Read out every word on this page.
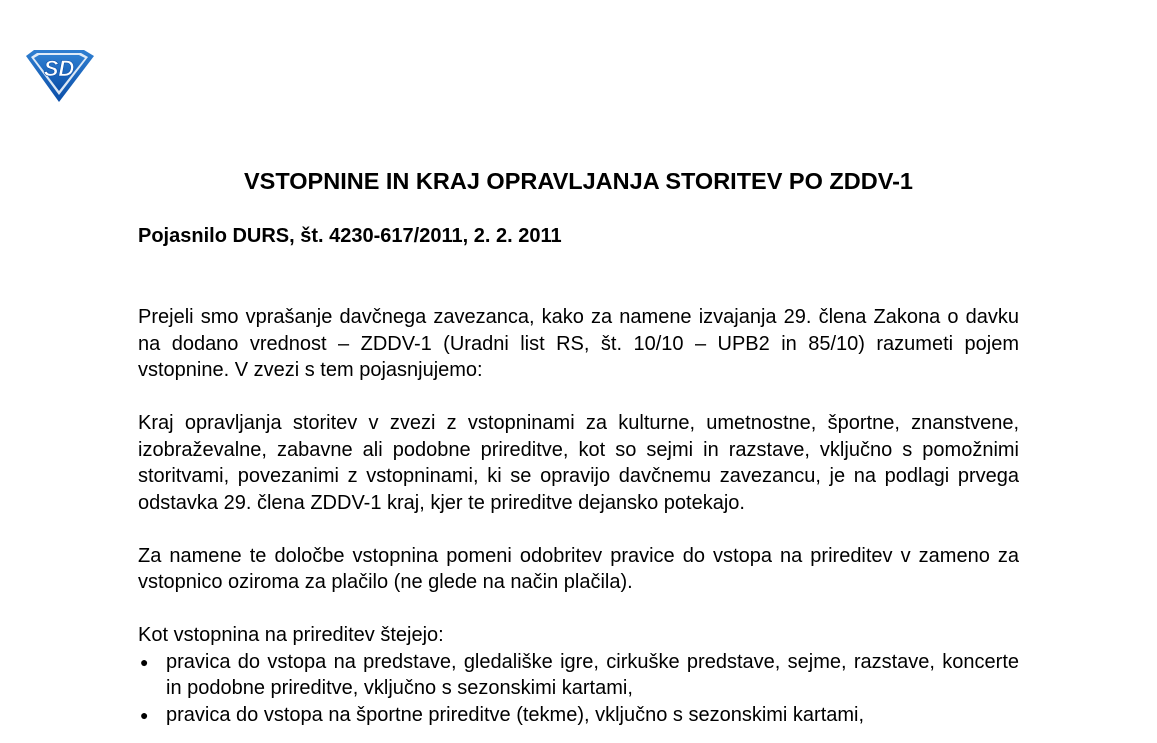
SD
VSTOPNINE IN KRAJ OPRAVLJANJA STORITEV PO ZDDV-1
Pojasnilo DURS, št. 4230-617/2011, 2. 2. 2011

Prejeli smo vprašanje davčnega zavezanca, kako za namene izvajanja 29. člena Zakona o davku na dodano vrednost – ZDDV-1 (Uradni list RS, št. 10/10 – UPB2 in 85/10) razumeti pojem vstopnine. V zvezi s tem pojasnjujemo:

Kraj opravljanja storitev v zvezi z vstopninami za kulturne, umetnostne, športne, znanstvene, izobraževalne, zabavne ali podobne prireditve, kot so sejmi in razstave, vključno s pomožnimi storitvami, povezanimi z vstopninami, ki se opravijo davčnemu zavezancu, je na podlagi prvega odstavka 29. člena ZDDV-1 kraj, kjer te prireditve dejansko potekajo.

Za namene te določbe vstopnina pomeni odobritev pravice do vstopa na prireditev v zameno za vstopnico oziroma za plačilo (ne glede na način plačila).

Kot vstopnina na prireditev štejejo:

● pravica do vstopa na predstave, gledališke igre, cirkuške predstave, sejme, razstave, koncerte in podobne prireditve, vključno s sezonskimi kartami,
● pravica do vstopa na športne prireditve (tekme), vključno s sezonskimi kartami,
